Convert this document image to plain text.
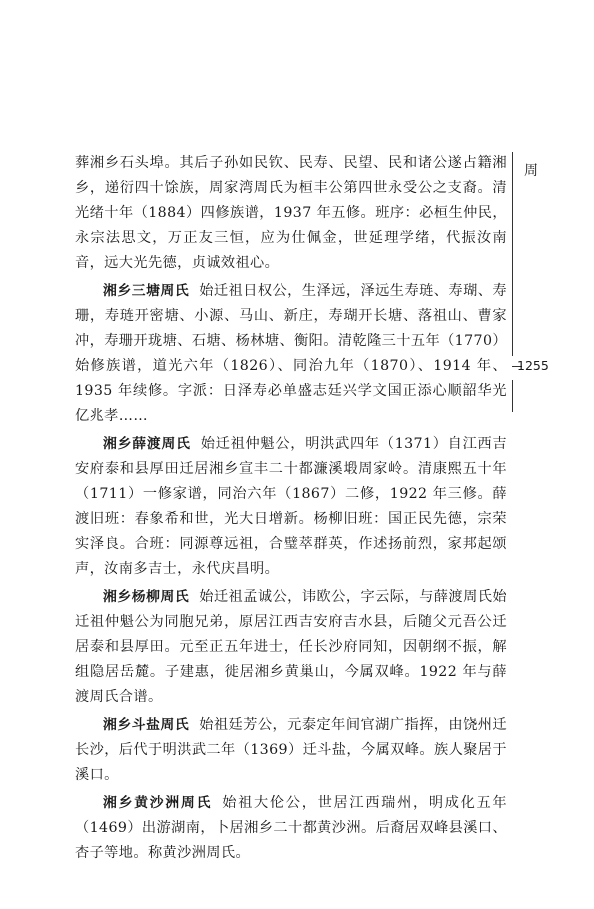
周
1255

葬湘乡石头埠。其后子孙如民钦、民寿、民望、民和诸公遂占籍湘乡，递衍四十馀族，周家湾周氏为桓丰公第四世永受公之支裔。清光绪十年（1884）四修族谱，1937 年五修。班序：必桓生仲民，永宗法思文，万正友三恒，应为仕佩金，世延理学绪，代振汝南音，远大光先德，贞诚效祖心。

湘乡三塘周氏 始迁祖日权公，生泽远，泽远生寿琏、寿瑚、寿珊，寿琏开密塘、小源、马山、新庄，寿瑚开长塘、落祖山、曹家冲，寿珊开珑塘、石塘、杨林塘、衡阳。清乾隆三十五年（1770）始修族谱，道光六年（1826）、同治九年（1870）、1914 年、1935 年续修。字派：日泽寿必单盛志廷兴学文国正添心顺韶华光亿兆孝……

湘乡薛渡周氏 始迁祖仲魁公，明洪武四年（1371）自江西吉安府泰和县厚田迁居湘乡宣丰二十都濂溪塅周家岭。清康熙五十年（1711）一修家谱，同治六年（1867）二修，1922 年三修。薛渡旧班：春象希和世，光大日增新。杨柳旧班：国正民先德，宗荣实泽良。合班：同源尊远祖，合璧萃群英，作述扬前烈，家邦起颂声，汝南多吉士，永代庆昌明。

湘乡杨柳周氏 始迁祖孟诚公，讳欧公，字云际，与薛渡周氏始迁祖仲魁公为同胞兄弟，原居江西吉安府吉水县，后随父元吾公迁居泰和县厚田。元至正五年进士，任长沙府同知，因朝纲不振，解组隐居岳麓。子建惠，徙居湘乡黄巢山，今属双峰。1922 年与薛渡周氏合谱。

湘乡斗盐周氏 始祖廷芳公，元泰定年间官湖广指挥，由饶州迁长沙，后代于明洪武二年（1369）迁斗盐，今属双峰。族人聚居于溪口。

湘乡黄沙洲周氏 始祖大伦公，世居江西瑞州，明成化五年（1469）出游湖南，卜居湘乡二十都黄沙洲。后裔居双峰县溪口、杏子等地。称黄沙洲周氏。
